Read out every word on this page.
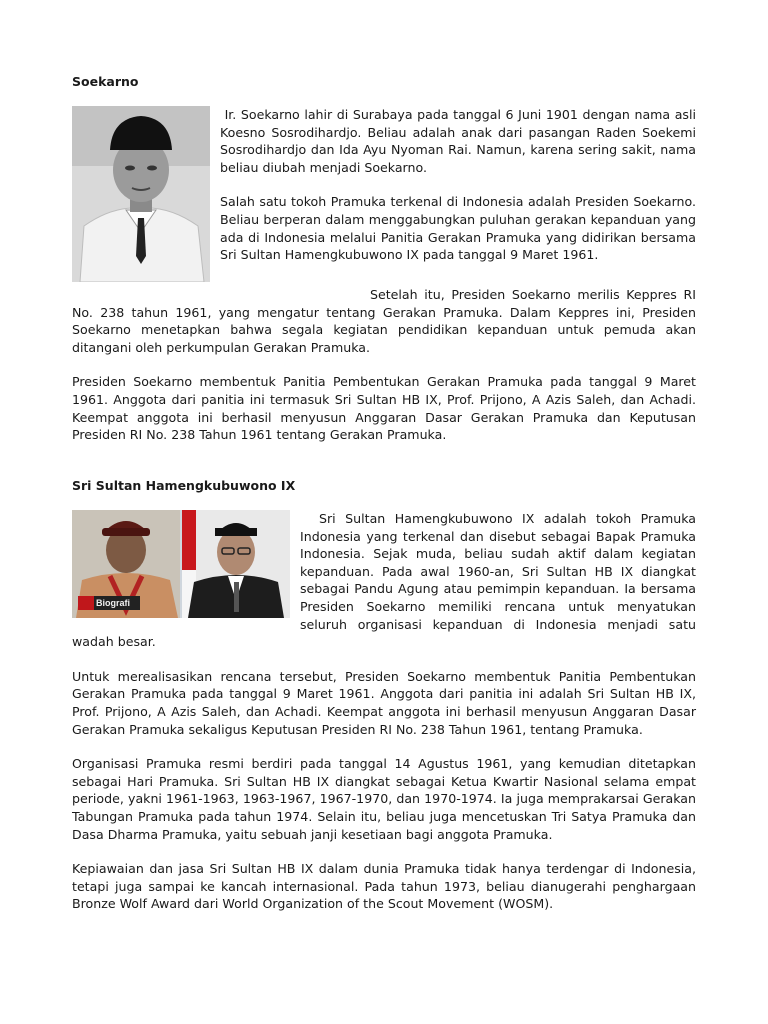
Soekarno

Ir. Soekarno lahir di Surabaya pada tanggal 6 Juni 1901 dengan nama asli Koesno Sosrodihardjo. Beliau adalah anak dari pasangan Raden Soekemi Sosrodihardjo dan Ida Ayu Nyoman Rai. Namun, karena sering sakit, nama beliau diubah menjadi Soekarno.

Salah satu tokoh Pramuka terkenal di Indonesia adalah Presiden Soekarno. Beliau berperan dalam menggabungkan puluhan gerakan kepanduan yang ada di Indonesia melalui Panitia Gerakan Pramuka yang didirikan bersama Sri Sultan Hamengkubuwono IX pada tanggal 9 Maret 1961.

Setelah itu, Presiden Soekarno merilis Keppres RI No. 238 tahun 1961, yang mengatur tentang Gerakan Pramuka. Dalam Keppres ini, Presiden Soekarno menetapkan bahwa segala kegiatan pendidikan kepanduan untuk pemuda akan ditangani oleh perkumpulan Gerakan Pramuka.

Presiden Soekarno membentuk Panitia Pembentukan Gerakan Pramuka pada tanggal 9 Maret 1961. Anggota dari panitia ini termasuk Sri Sultan HB IX, Prof. Prijono, A Azis Saleh, dan Achadi. Keempat anggota ini berhasil menyusun Anggaran Dasar Gerakan Pramuka dan Keputusan Presiden RI No. 238 Tahun 1961 tentang Gerakan Pramuka.

Sri Sultan Hamengkubuwono IX
Biografi

Sri Sultan Hamengkubuwono IX adalah tokoh Pramuka Indonesia yang terkenal dan disebut sebagai Bapak Pramuka Indonesia. Sejak muda, beliau sudah aktif dalam kegiatan kepanduan. Pada awal 1960-an, Sri Sultan HB IX diangkat sebagai Pandu Agung atau pemimpin kepanduan. Ia bersama Presiden Soekarno memiliki rencana untuk menyatukan seluruh organisasi kepanduan di Indonesia menjadi satu wadah besar.

Untuk merealisasikan rencana tersebut, Presiden Soekarno membentuk Panitia Pembentukan Gerakan Pramuka pada tanggal 9 Maret 1961. Anggota dari panitia ini adalah Sri Sultan HB IX, Prof. Prijono, A Azis Saleh, dan Achadi. Keempat anggota ini berhasil menyusun Anggaran Dasar Gerakan Pramuka sekaligus Keputusan Presiden RI No. 238 Tahun 1961, tentang Pramuka.

Organisasi Pramuka resmi berdiri pada tanggal 14 Agustus 1961, yang kemudian ditetapkan sebagai Hari Pramuka. Sri Sultan HB IX diangkat sebagai Ketua Kwartir Nasional selama empat periode, yakni 1961-1963, 1963-1967, 1967-1970, dan 1970-1974. Ia juga memprakarsai Gerakan Tabungan Pramuka pada tahun 1974. Selain itu, beliau juga mencetuskan Tri Satya Pramuka dan Dasa Dharma Pramuka, yaitu sebuah janji kesetiaan bagi anggota Pramuka.

Kepiawaian dan jasa Sri Sultan HB IX dalam dunia Pramuka tidak hanya terdengar di Indonesia, tetapi juga sampai ke kancah internasional. Pada tahun 1973, beliau dianugerahi penghargaan Bronze Wolf Award dari World Organization of the Scout Movement (WOSM).
